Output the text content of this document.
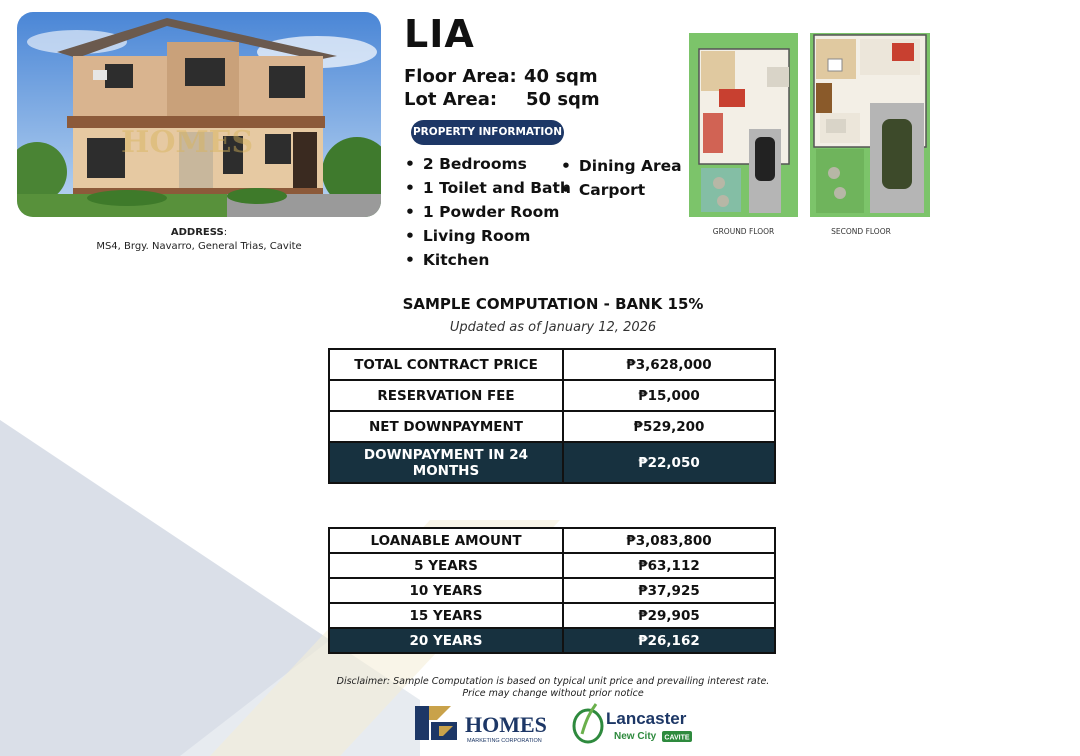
HOMES
ADDRESS:
MS4, Brgy. Navarro, General Trias, Cavite
LIA
Floor Area: 40 sqm
Lot Area: 50 sqm
PROPERTY INFORMATION
• 2 Bedrooms
• 1 Toilet and Bath
• 1 Powder Room
• Living Room
• Kitchen
• Dining Area
• Carport
GROUND FLOOR	SECOND FLOOR
SAMPLE COMPUTATION - BANK 15%
Updated as of January 12, 2026
TOTAL CONTRACT PRICE	₱3,628,000
RESERVATION FEE	₱15,000
NET DOWNPAYMENT	₱529,200
DOWNPAYMENT IN 24 MONTHS	₱22,050
LOANABLE AMOUNT	₱3,083,800
5 YEARS	₱63,112
10 YEARS	₱37,925
15 YEARS	₱29,905
20 YEARS	₱26,162
Disclaimer: Sample Computation is based on typical unit price and prevailing interest rate.
Price may change without prior notice
HOMES
MARKETING CORPORATION
Lancaster
New City CAVITE
